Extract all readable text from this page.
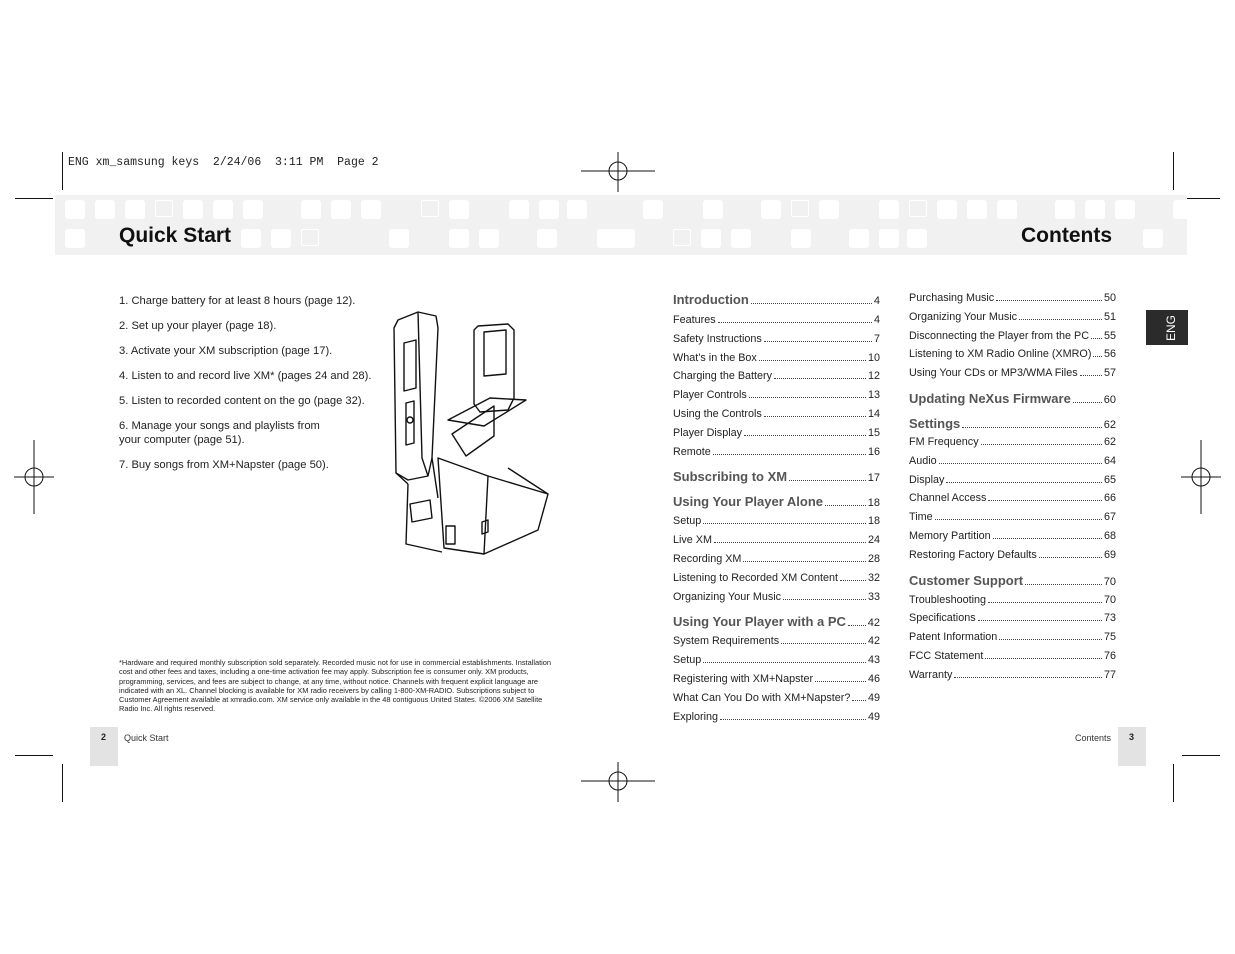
ENG xm_samsung keys  2/24/06  3:11 PM  Page 2
Quick Start	Contents
1. Charge battery for at least 8 hours (page 12).
2. Set up your player (page 18).
3. Activate your XM subscription (page 17).
4. Listen to and record live XM* (pages 24 and 28).
5. Listen to recorded content on the go (page 32).
6. Manage your songs and playlists from
your computer (page 51).
7. Buy songs from XM+Napster (page 50).
*Hardware and required monthly subscription sold separately. Recorded music not for use in commercial establishments. Installation cost and other fees and taxes, including a one-time activation fee may apply. Subscription fee is consumer only. XM products, programming, services, and fees are subject to change, at any time, without notice. Channels with frequent explicit language are indicated with an XL. Channel blocking is available for XM radio receivers by calling 1-800-XM-RADIO. Subscriptions subject to Customer Agreement available at xmradio.com. XM service only available in the 48 contiguous United States. ©2006 XM Satellite Radio Inc. All rights reserved.
2 Quick Start	3
Contents
ENG
Introduction	4
Features	4
Safety Instructions	7
What’s in the Box	10
Charging the Battery	12
Player Controls	13
Using the Controls	14
Player Display	15
Remote	16
Subscribing to XM	17
Using Your Player Alone	18
Setup	18
Live XM	24
Recording XM	28
Listening to Recorded XM Content	32
Organizing Your Music	33
Using Your Player with a PC 42
System Requirements	42
Setup	43
Registering with XM+Napster	46
What Can You Do with XM+Napster? 49
Exploring	49
Purchasing Music	50
Organizing Your Music	51
Disconnecting the Player from the PC 55
Listening to XM Radio Online (XMRO) 56
Using Your CDs or MP3/WMA Files 57
Updating NeXus Firmware	60
Settings	62
FM Frequency	62
Audio	64
Display	65
Channel Access	66
Time	67
Memory Partition	68
Restoring Factory Defaults	69
Customer Support	70
Troubleshooting	70
Specifications	73
Patent Information	75
FCC Statement	76
Warranty	77
